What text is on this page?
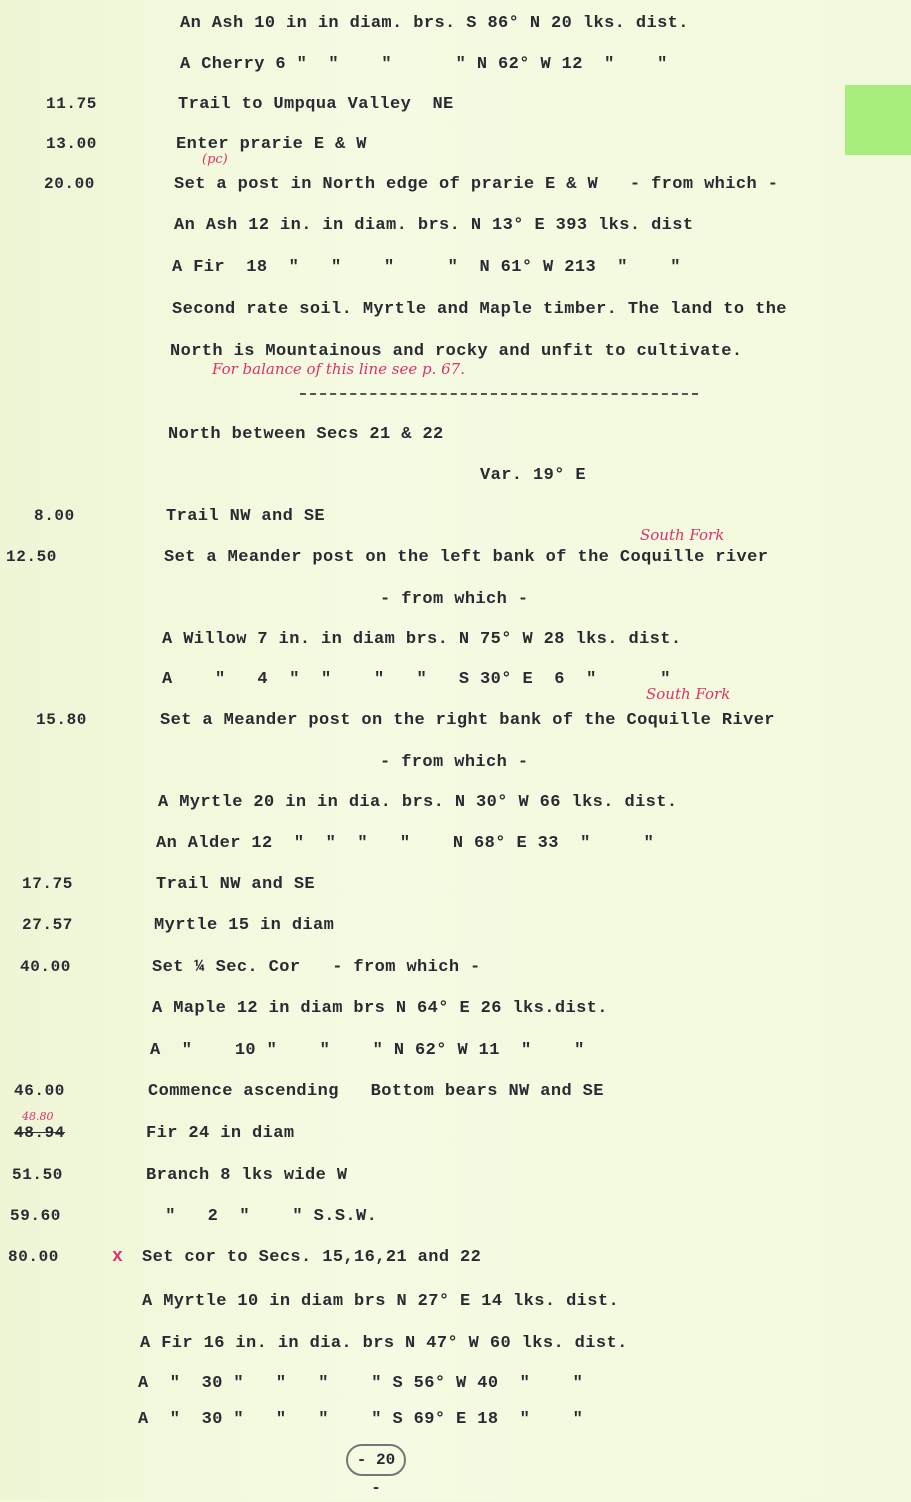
11.75
13.00
20.00
8.00
12.50
15.80
17.75
27.57
40.00
46.00
48.94
51.50
59.60
80.00
An Ash 10 in in diam. brs. S 86° N 20 lks. dist.
A Cherry 6 "  "    "      " N 62° W 12  "    "
Trail to Umpqua Valley  NE
Enter prarie E & W
Set a post in North edge of prarie E & W   - from which -
An Ash 12 in. in diam. brs. N 13° E 393 lks. dist
A Fir  18  "   "    "     "  N 61° W 213  "    "
Second rate soil. Myrtle and Maple timber. The land to the
North is Mountainous and rocky and unfit to cultivate.
North between Secs 21 & 22
Var. 19° E
Trail NW and SE
Set a Meander post on the left bank of the Coquille river
- from which -
A Willow 7 in. in diam brs. N 75° W 28 lks. dist.
A    "   4  "  "    "   "   S 30° E  6  "      "
Set a Meander post on the right bank of the Coquille River
- from which -
A Myrtle 20 in in dia. brs. N 30° W 66 lks. dist.
An Alder 12  "  "  "   "    N 68° E 33  "     "
Trail NW and SE
Myrtle 15 in diam
Set ¼ Sec. Cor   - from which -
A Maple 12 in diam brs N 64° E 26 lks.dist.
A  "    10 "    "    " N 62° W 11  "    "
Commence ascending   Bottom bears NW and SE
Fir 24 in diam
Branch 8 lks wide W
"   2  "    " S.S.W.
Set cor to Secs. 15,16,21 and 22
A Myrtle 10 in diam brs N 27° E 14 lks. dist.
A Fir 16 in. in dia. brs N 47° W 60 lks. dist.
A  "  30 "   "   "    " S 56° W 40  "    "
A  "  30 "   "   "    " S 69° E 18  "    "
(pc)
For balance of this line see p. 67.
South Fork
South Fork
48.80
x
- 20 -
